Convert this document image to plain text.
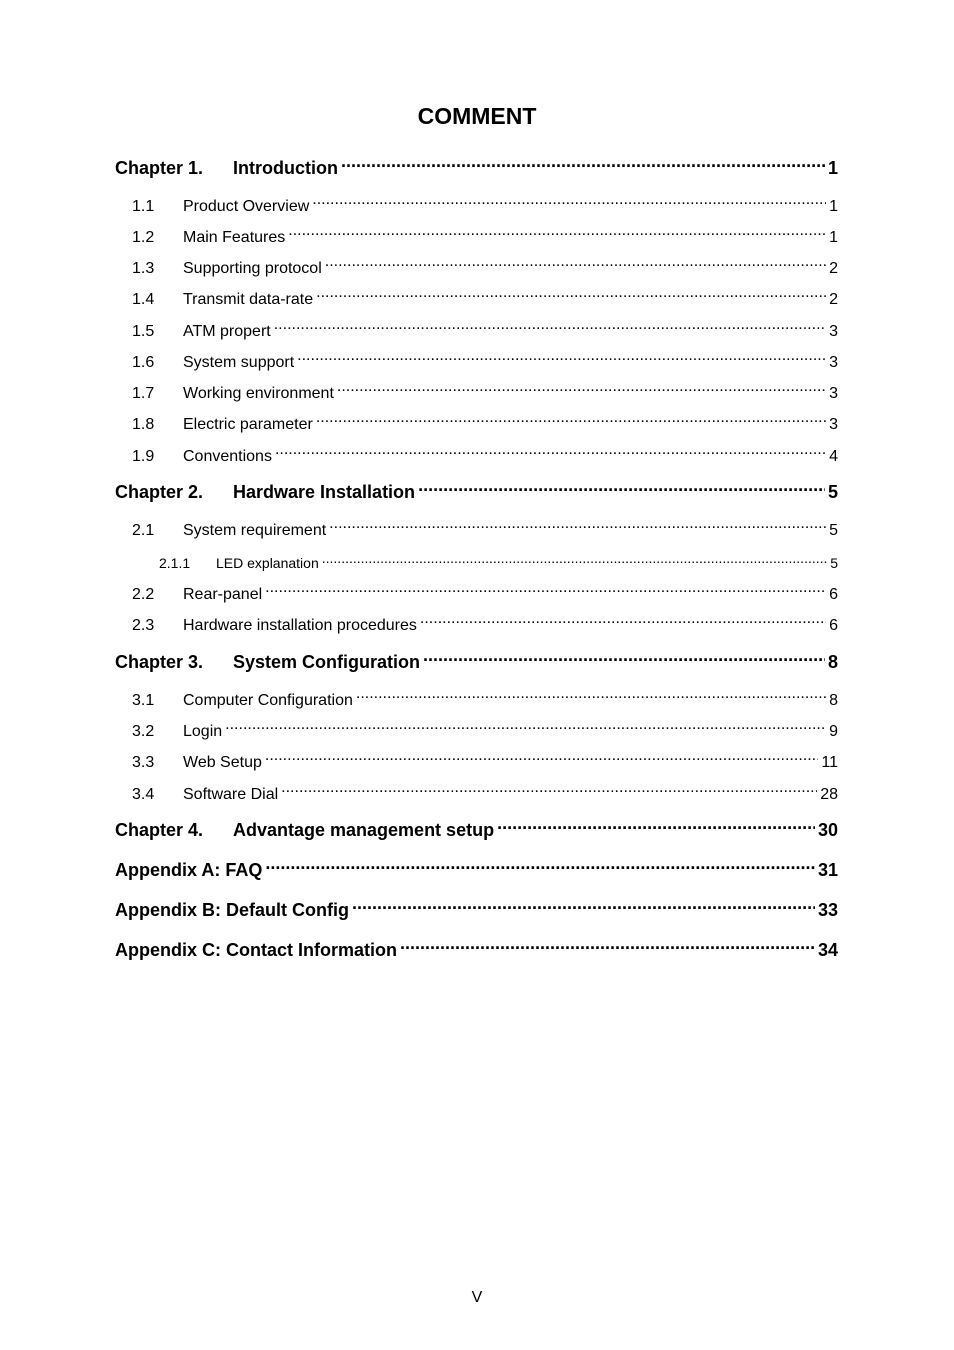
COMMENT
Chapter 1.	Introduction .....	1
1.1	Product Overview .....	1
1.2	Main Features .....	1
1.3	Supporting protocol .....	2
1.4	Transmit data-rate .....	2
1.5	ATM propert .....	3
1.6	System support .....	3
1.7	Working environment .....	3
1.8	Electric parameter .....	3
1.9	Conventions .....	4
Chapter 2.	Hardware Installation .....	5
2.1	System requirement .....	5
2.1.1	LED explanation .....	5
2.2	Rear-panel .....	6
2.3	Hardware installation procedures .....	6
Chapter 3.	System Configuration .....	8
3.1	Computer Configuration .....	8
3.2	Login .....	9
3.3	Web Setup .....	11
3.4	Software Dial .....	28
Chapter 4.	Advantage management setup .....	30
Appendix A: FAQ .....	31
Appendix B: Default Config .....	33
Appendix C: Contact Information .....	34
V
